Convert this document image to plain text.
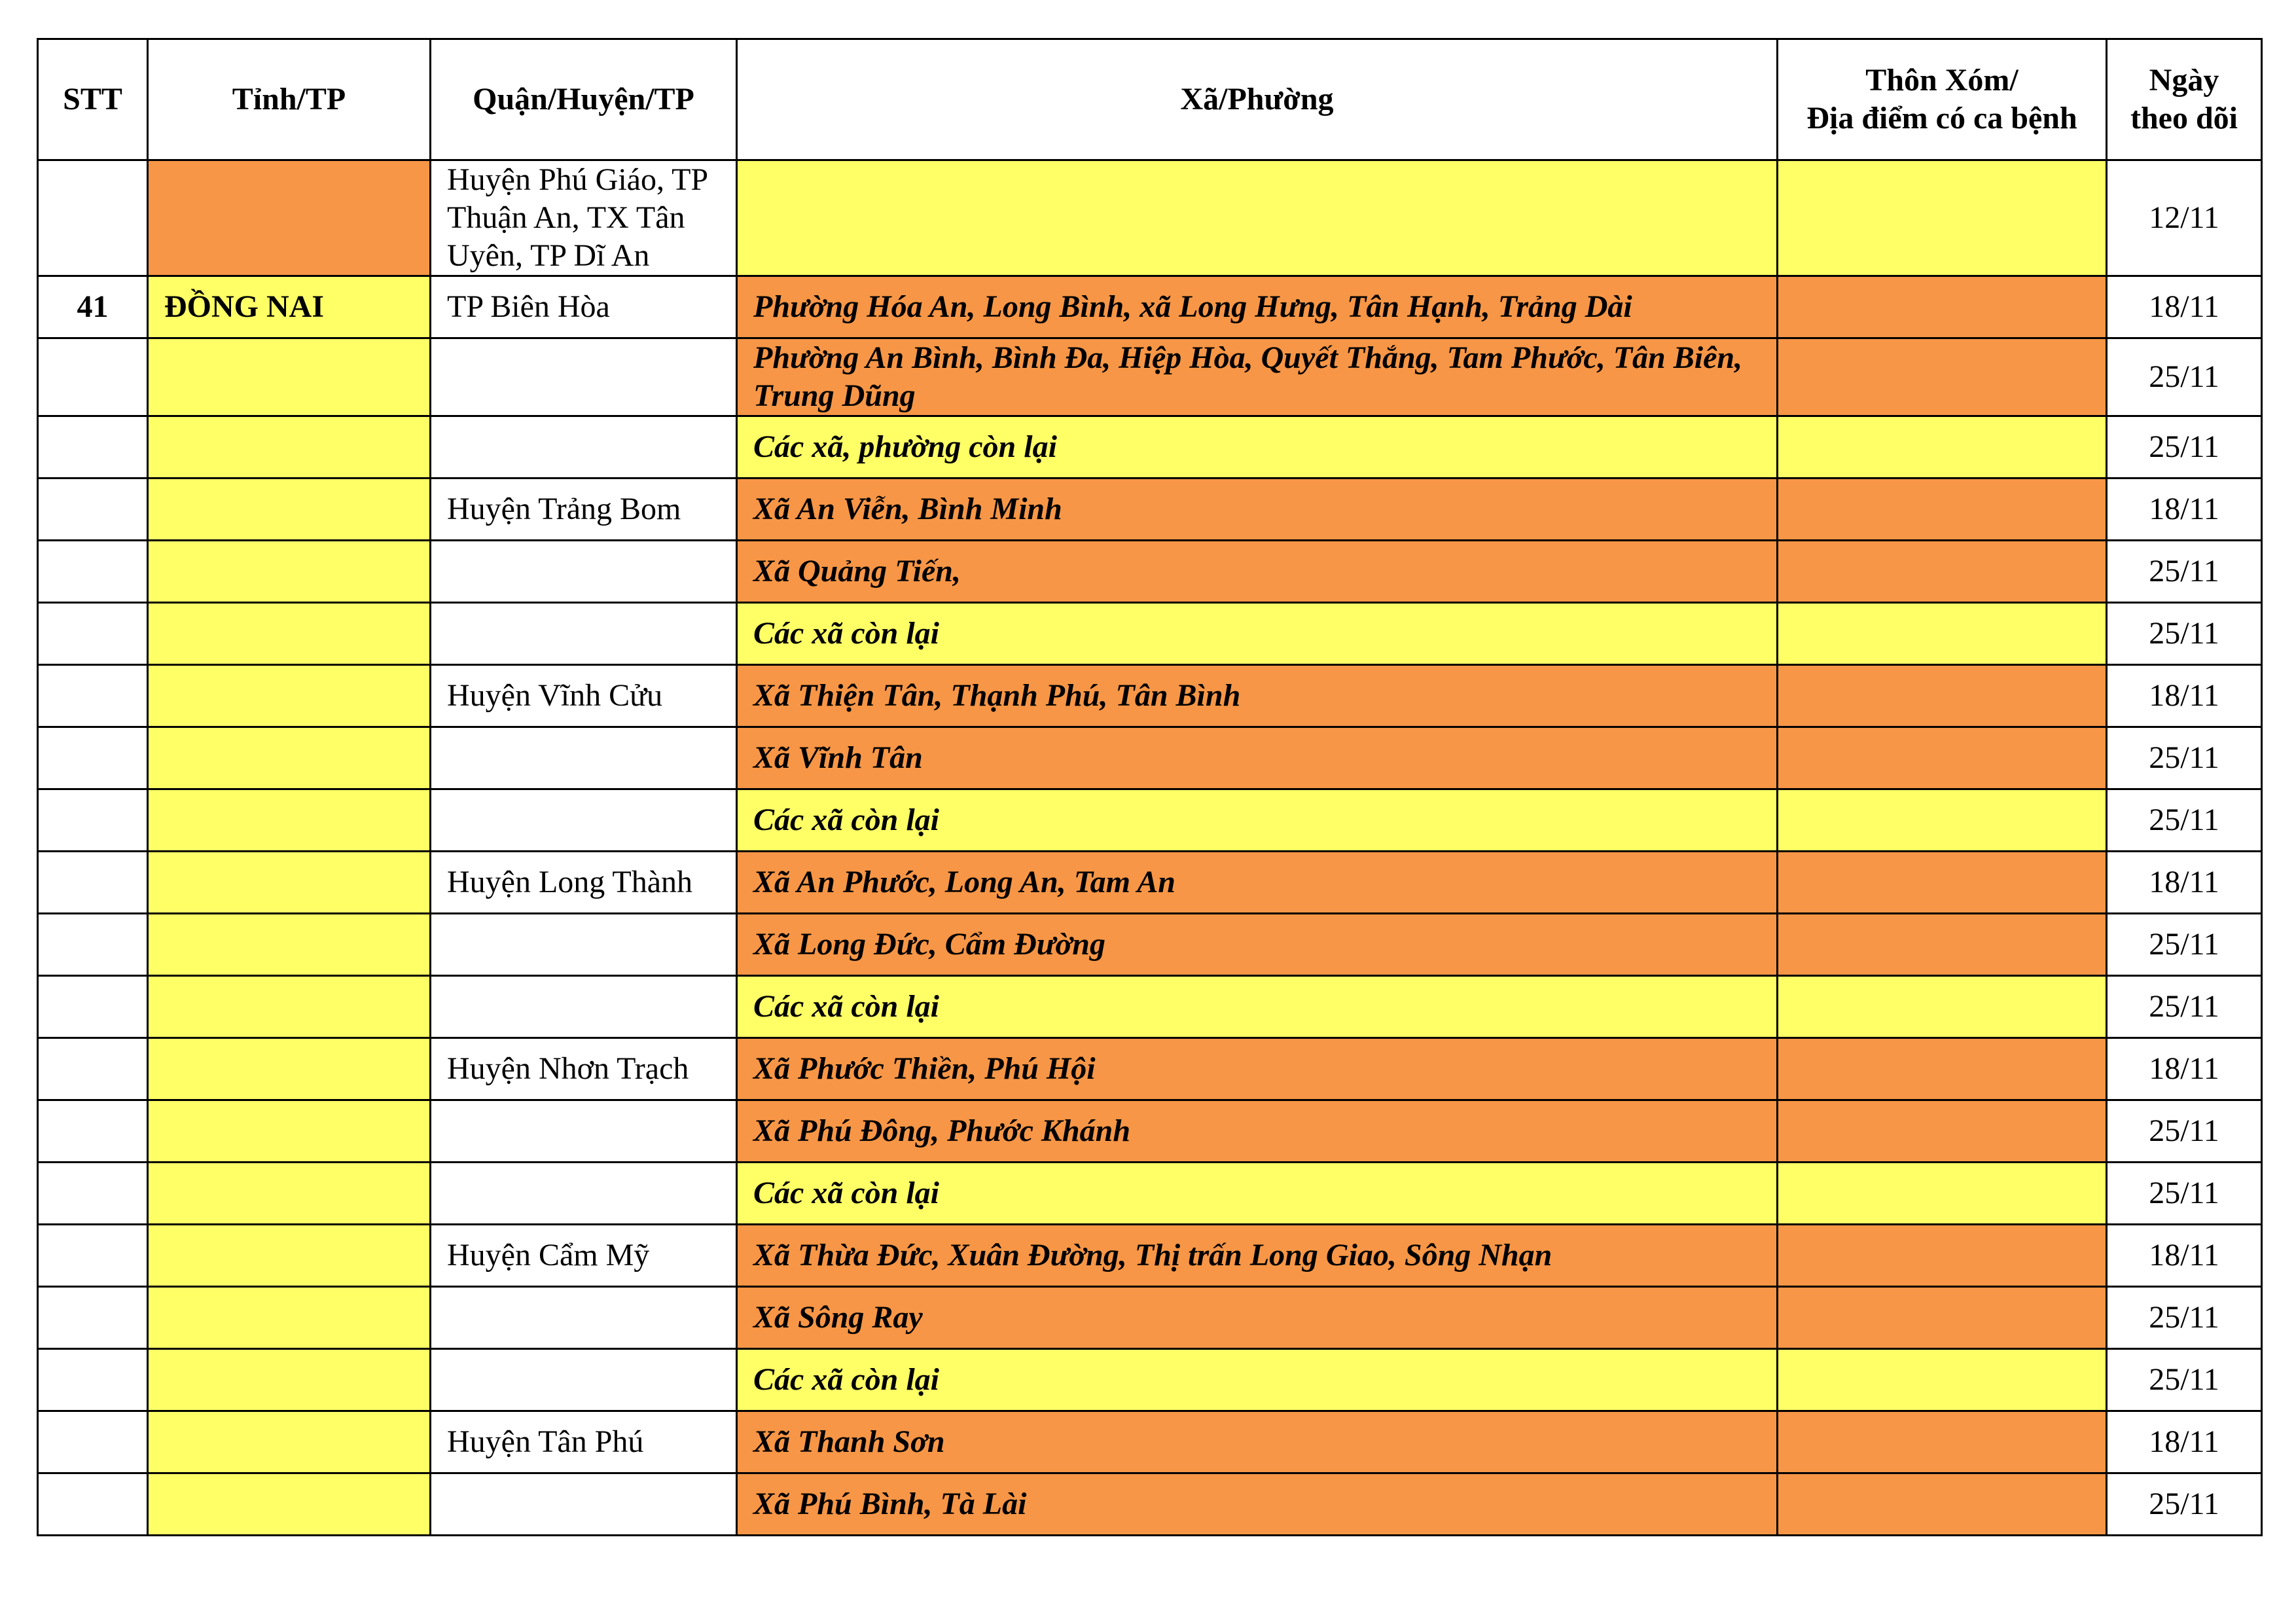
STT	Tỉnh/TP	Quận/Huyện/TP	Xã/Phường	Thôn Xóm/
Địa điểm có ca bệnh	Ngày theo dõi
		Huyện Phú Giáo, TP Thuận An, TX Tân Uyên, TP Dĩ An			12/11
41	ĐỒNG NAI	TP Biên Hòa	Phường Hóa An, Long Bình, xã Long Hưng, Tân Hạnh, Trảng Dài		18/11
			Phường An Bình, Bình Đa, Hiệp Hòa, Quyết Thắng, Tam Phước, Tân Biên, Trung Dũng		25/11
			Các xã, phường còn lại		25/11
		Huyện Trảng Bom	Xã An Viễn, Bình Minh		18/11
			Xã Quảng Tiến,		25/11
			Các xã còn lại		25/11
		Huyện Vĩnh Cửu	Xã Thiện Tân, Thạnh Phú, Tân Bình		18/11
			Xã Vĩnh Tân		25/11
			Các xã còn lại		25/11
		Huyện Long Thành	Xã An Phước, Long An, Tam An		18/11
			Xã Long Đức, Cẩm Đường		25/11
			Các xã còn lại		25/11
		Huyện Nhơn Trạch	Xã Phước Thiền, Phú Hội		18/11
			Xã Phú Đông, Phước Khánh		25/11
			Các xã còn lại		25/11
		Huyện Cẩm Mỹ	Xã Thừa Đức, Xuân Đường, Thị trấn Long Giao, Sông Nhạn		18/11
			Xã Sông Ray		25/11
			Các xã còn lại		25/11
		Huyện Tân Phú	Xã Thanh Sơn		18/11
			Xã Phú Bình, Tà Lài		25/11
